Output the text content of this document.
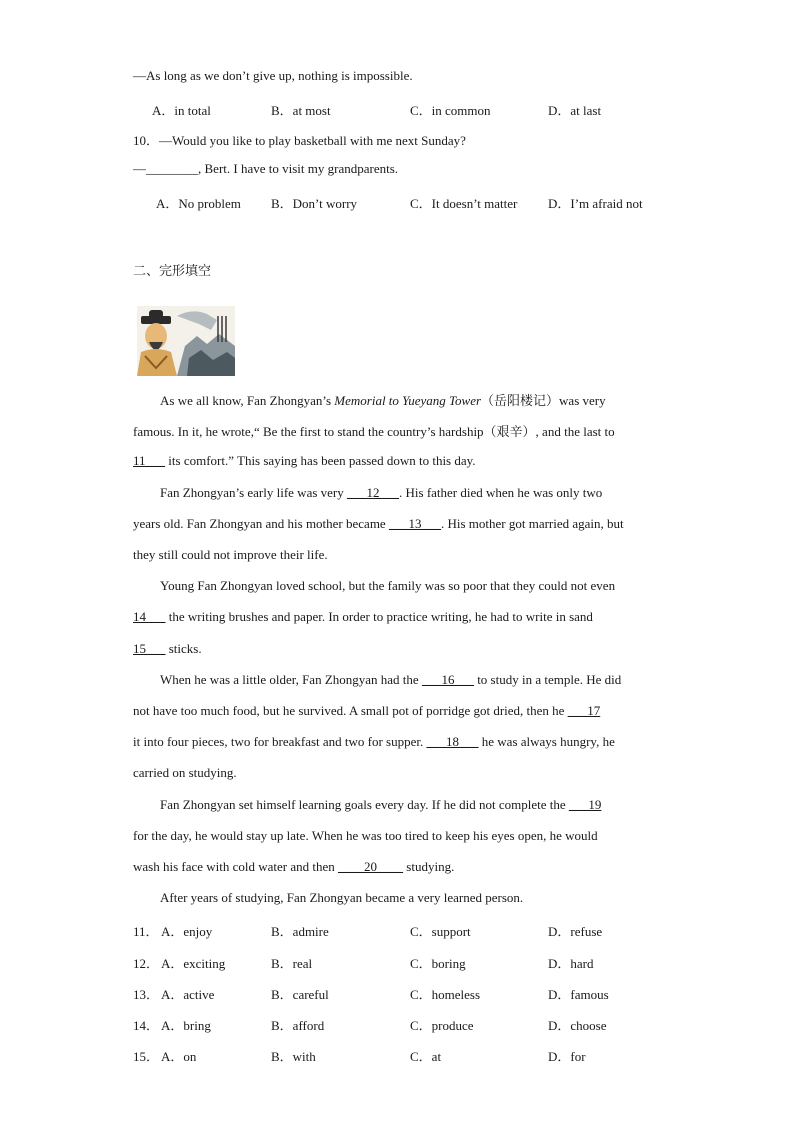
—As long as we don’t give up, nothing is impossible.
A．in total	B．at most	C．in common	D．at last
10．—Would you like to play basketball with me next Sunday?
—________, Bert. I have to visit my grandparents.
A．No problem B．Don’t worry	C．It doesn’t matter D．I’m afraid not
二、完形填空
As we all know, Fan Zhongyan’s Memorial to Yueyang Tower（岳阳楼记）was very
famous. In it, he wrote,“ Be the first to stand the country’s hardship（艰辛）, and the last to
11___ its comfort.” This saying has been passed down to this day.
Fan Zhongyan’s early life was very ___12___. His father died when he was only two
years old. Fan Zhongyan and his mother became ___13___. His mother got married again, but
they still could not improve their life.
Young Fan Zhongyan loved school, but the family was so poor that they could not even
14___ the writing brushes and paper. In order to practice writing, he had to write in sand
15___ sticks.
When he was a little older, Fan Zhongyan had the ___16___ to study in a temple. He did
not have too much food, but he survived. A small pot of porridge got dried, then he ___17
it into four pieces, two for breakfast and two for supper. ___18___ he was always hungry, he
carried on studying.
Fan Zhongyan set himself learning goals every day. If he did not complete the ___19
for the day, he would stay up late. When he was too tired to keep his eyes open, he would
wash his face with cold water and then ____20____ studying.
After years of studying, Fan Zhongyan became a very learned person.
11． A．enjoy	B．admire	C．support	D．refuse
12． A．exciting	B．real	C．boring	D．hard
13． A．active	B．careful	C．homeless	D．famous
14． A．bring	B．afford	C．produce	D．choose
15． A．on	B．with	C．at	D．for
